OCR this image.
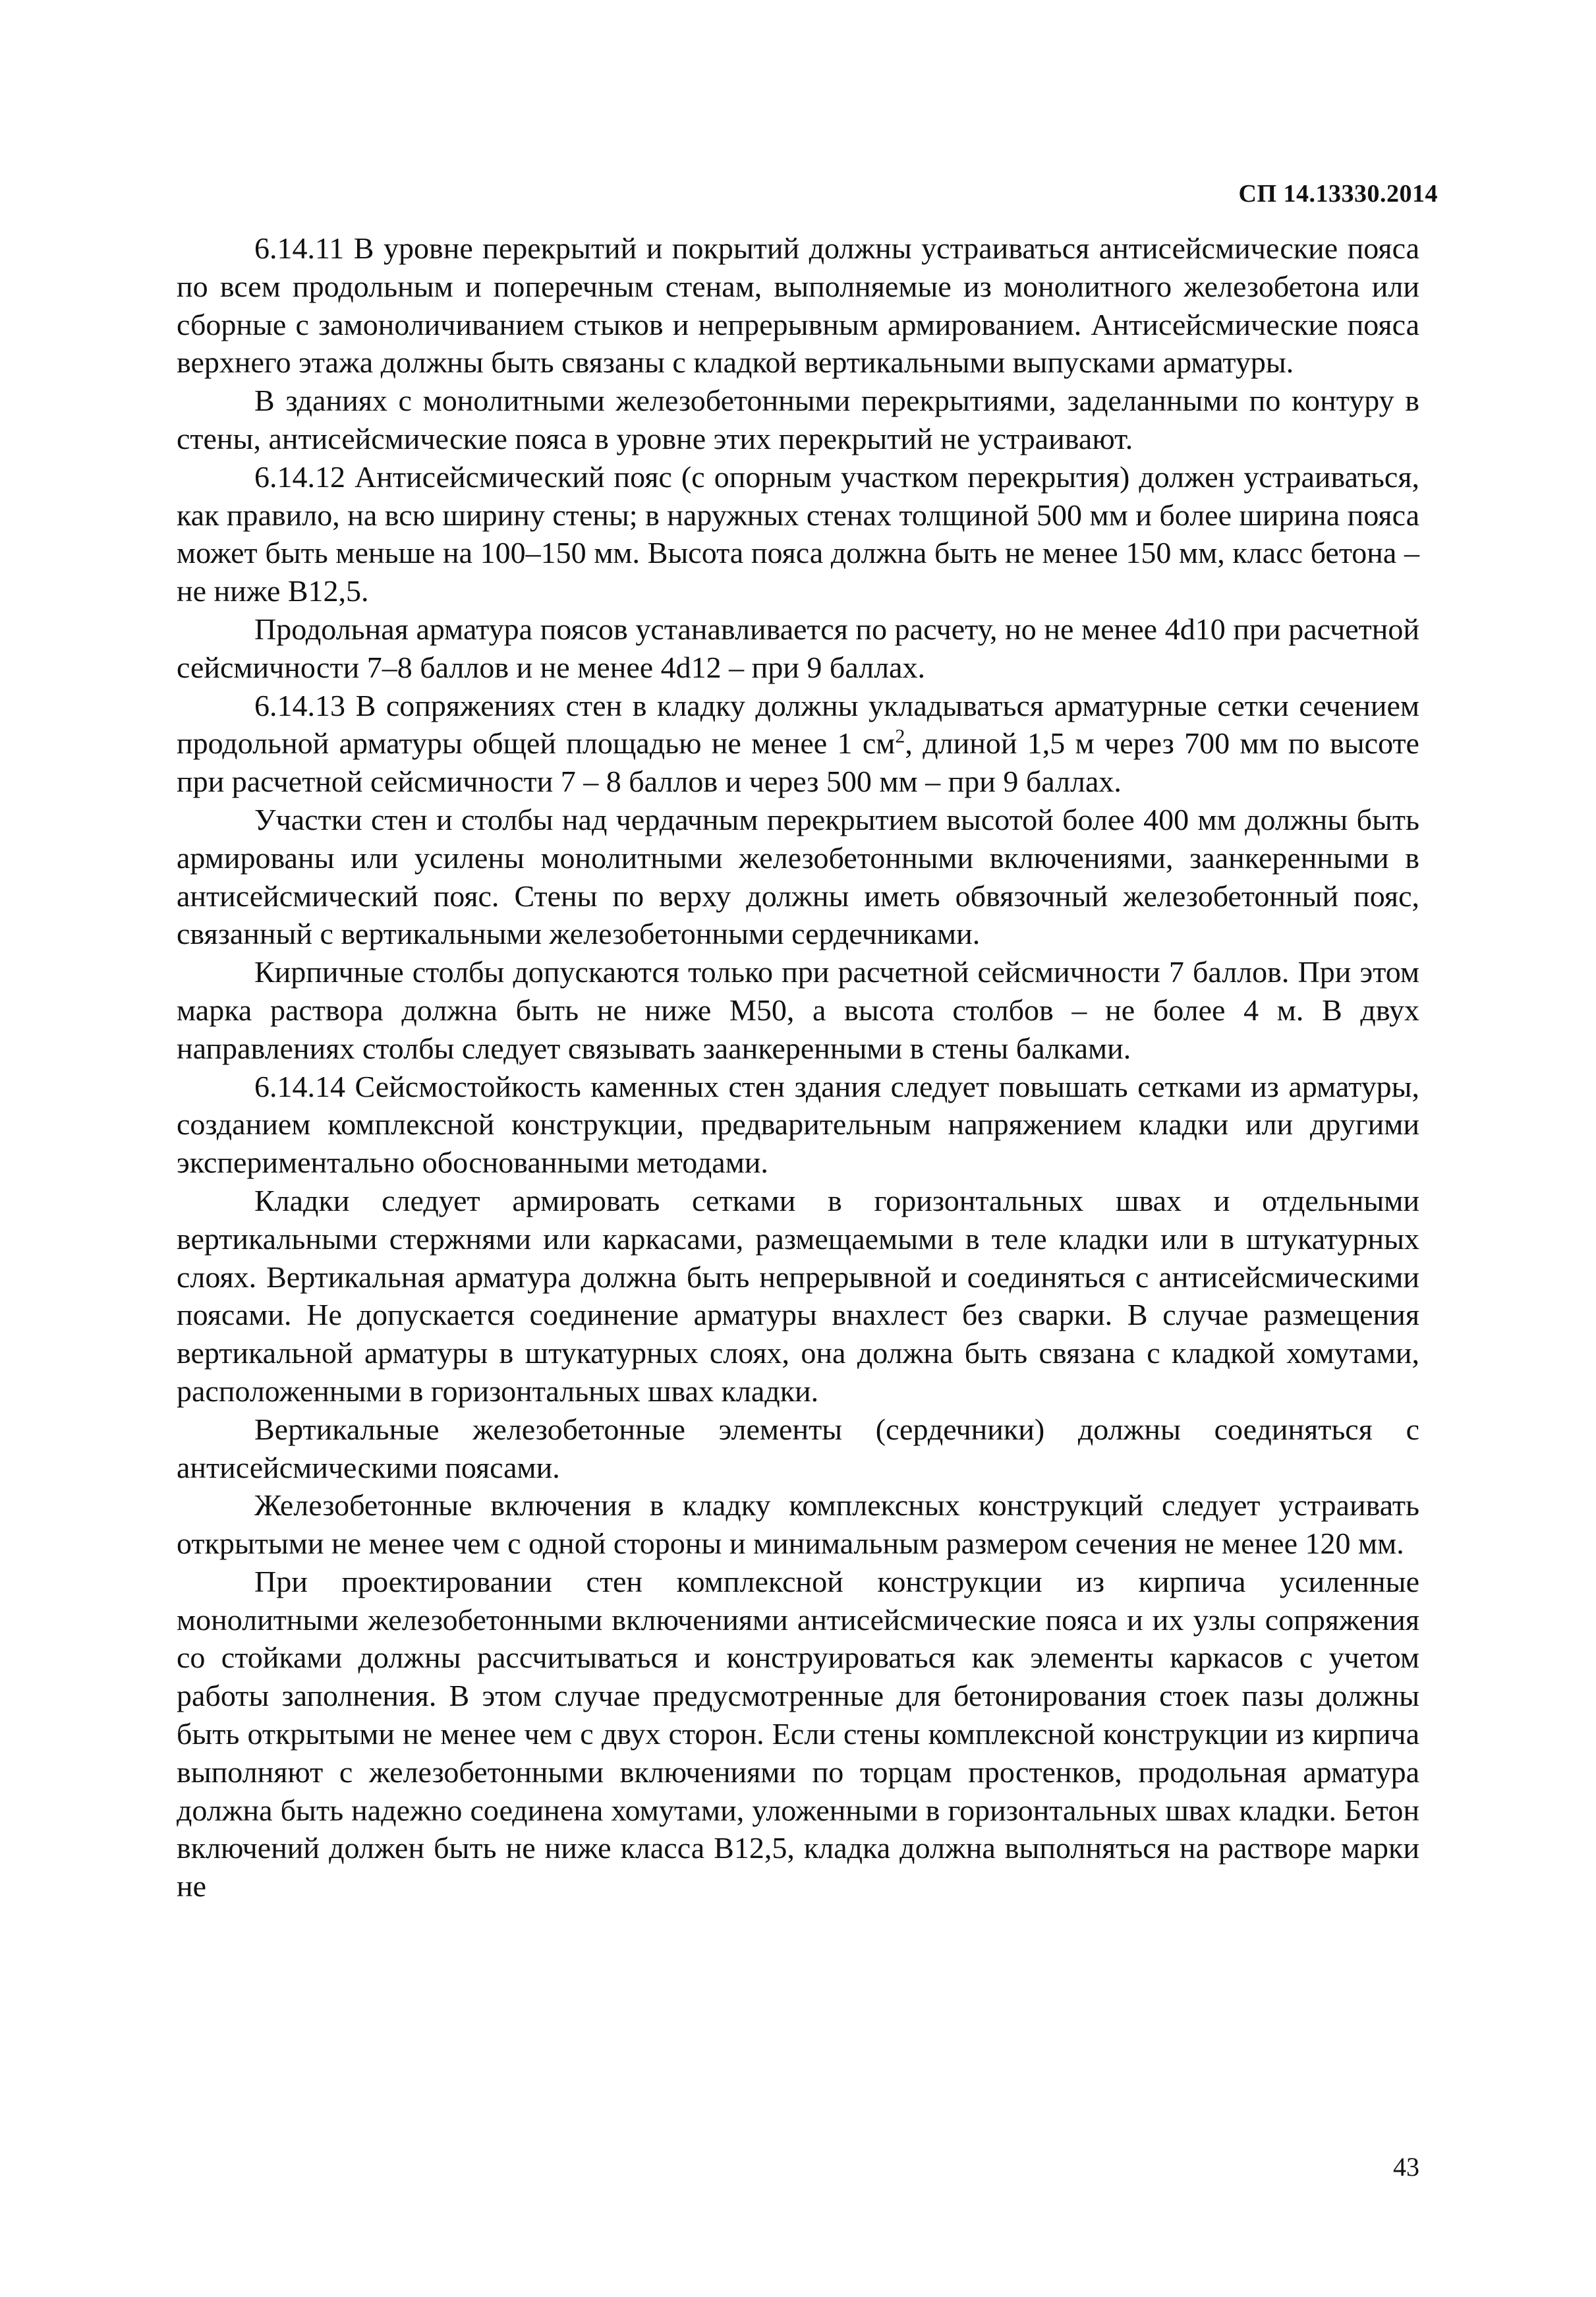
СП 14.13330.2014

6.14.11 В уровне перекрытий и покрытий должны устраиваться антисейсмические пояса по всем продольным и поперечным стенам, выполняемые из монолитного железобетона или сборные с замоноличиванием стыков и непрерывным армированием. Антисейсмические пояса верхнего этажа должны быть связаны с кладкой вертикальными выпусками арматуры.

В зданиях с монолитными железобетонными перекрытиями, заделанными по контуру в стены, антисейсмические пояса в уровне этих перекрытий не устраивают.

6.14.12 Антисейсмический пояс (с опорным участком перекрытия) должен устраиваться, как правило, на всю ширину стены; в наружных стенах толщиной 500 мм и более ширина пояса может быть меньше на 100–150 мм. Высота пояса должна быть не менее 150 мм, класс бетона – не ниже В12,5.

Продольная арматура поясов устанавливается по расчету, но не менее 4d10 при расчетной сейсмичности 7–8 баллов и не менее 4d12 – при 9 баллах.

6.14.13 В сопряжениях стен в кладку должны укладываться арматурные сетки сечением продольной арматуры общей площадью не менее 1 $см^2$, длиной 1,5 м через 700 мм по высоте при расчетной сейсмичности 7 – 8 баллов и через 500 мм – при 9 баллах.

Участки стен и столбы над чердачным перекрытием высотой более 400 мм должны быть армированы или усилены монолитными железобетонными включениями, заанкеренными в антисейсмический пояс. Стены по верху должны иметь обвязочный железобетонный пояс, связанный с вертикальными железобетонными сердечниками.

Кирпичные столбы допускаются только при расчетной сейсмичности 7 баллов. При этом марка раствора должна быть не ниже М50, а высота столбов – не более 4 м. В двух направлениях столбы следует связывать заанкеренными в стены балками.

6.14.14 Сейсмостойкость каменных стен здания следует повышать сетками из арматуры, созданием комплексной конструкции, предварительным напряжением кладки или другими экспериментально обоснованными методами.

Кладки следует армировать сетками в горизонтальных швах и отдельными вертикальными стержнями или каркасами, размещаемыми в теле кладки или в штукатурных слоях. Вертикальная арматура должна быть непрерывной и соединяться с антисейсмическими поясами. Не допускается соединение арматуры внахлест без сварки. В случае размещения вертикальной арматуры в штукатурных слоях, она должна быть связана с кладкой хомутами, расположенными в горизонтальных швах кладки.

Вертикальные железобетонные элементы (сердечники) должны соединяться с антисейсмическими поясами.

Железобетонные включения в кладку комплексных конструкций следует устраивать открытыми не менее чем с одной стороны и минимальным размером сечения не менее 120 мм.

При проектировании стен комплексной конструкции из кирпича усиленные монолитными железобетонными включениями антисейсмические пояса и их узлы сопряжения со стойками должны рассчитываться и конструироваться как элементы каркасов с учетом работы заполнения. В этом случае предусмотренные для бетонирования стоек пазы должны быть открытыми не менее чем с двух сторон. Если стены комплексной конструкции из кирпича выполняют с железобетонными включениями по торцам простенков, продольная арматура должна быть надежно соединена хомутами, уложенными в горизонтальных швах кладки. Бетон включений должен быть не ниже класса В12,5, кладка должна выполняться на растворе марки не

43
